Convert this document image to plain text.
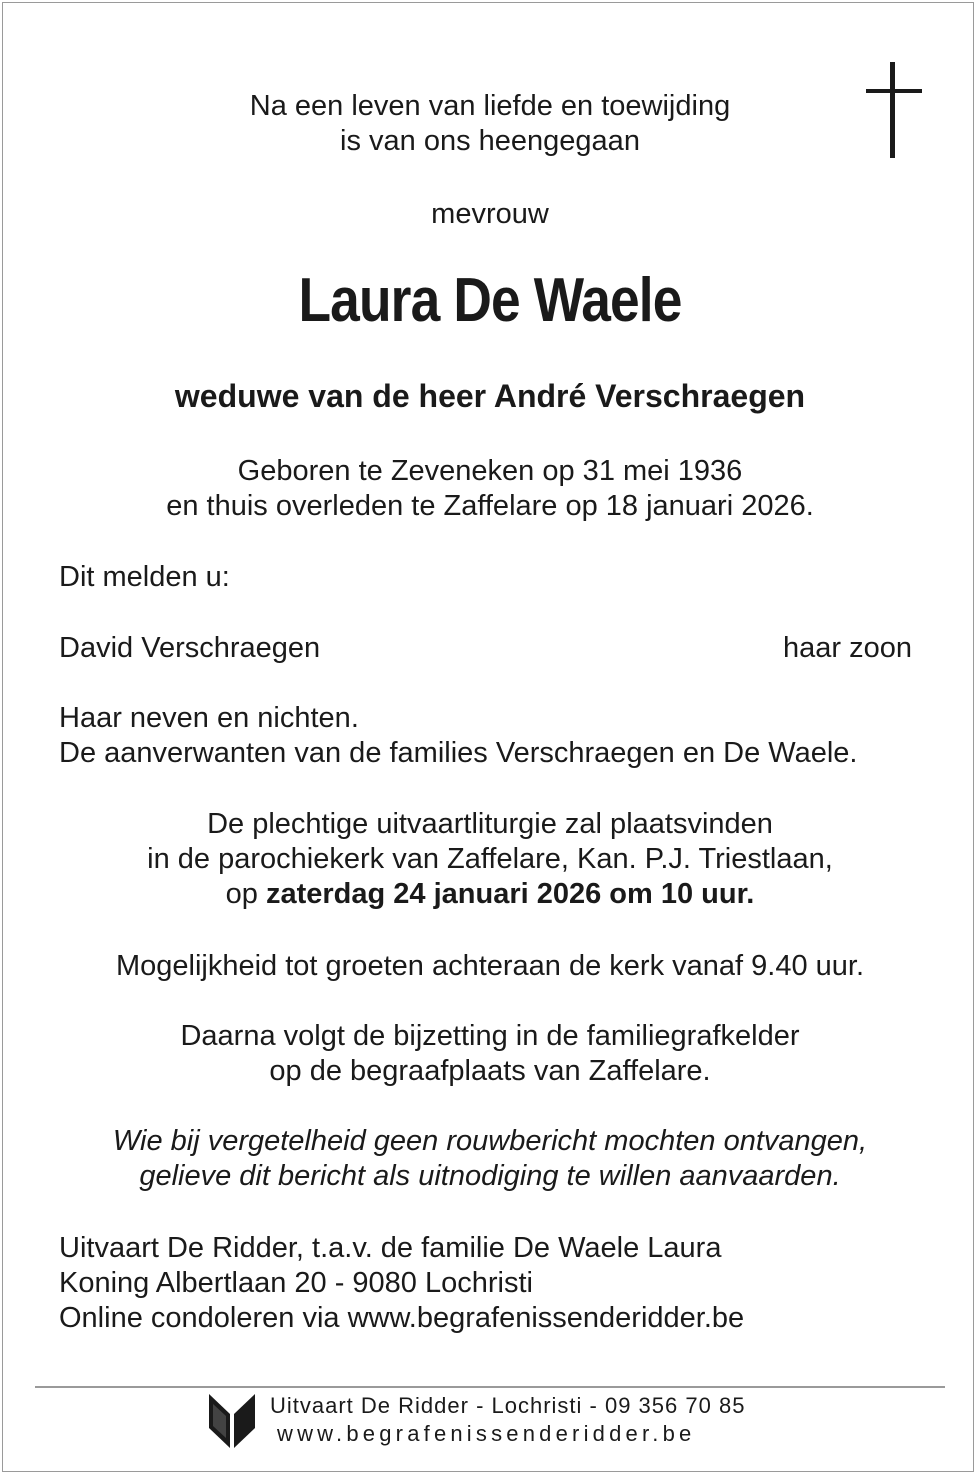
Na een leven van liefde en toewijding
is van ons heengegaan
mevrouw
Laura De Waele
weduwe van de heer André Verschraegen
Geboren te Zeveneken op 31 mei 1936
en thuis overleden te Zaffelare op 18 januari 2026.
Dit melden u:
David Verschraegen	haar zoon
Haar neven en nichten.
De aanverwanten van de families Verschraegen en De Waele.
De plechtige uitvaartliturgie zal plaatsvinden
in de parochiekerk van Zaffelare, Kan. P.J. Triestlaan,
op zaterdag 24 januari 2026 om 10 uur.
Mogelijkheid tot groeten achteraan de kerk vanaf 9.40 uur.
Daarna volgt de bijzetting in de familiegrafkelder
op de begraafplaats van Zaffelare.
Wie bij vergetelheid geen rouwbericht mochten ontvangen,
gelieve dit bericht als uitnodiging te willen aanvaarden.
Uitvaart De Ridder, t.a.v. de familie De Waele Laura
Koning Albertlaan 20 - 9080 Lochristi
Online condoleren via www.begrafenissenderidder.be
Uitvaart De Ridder - Lochristi - 09 356 70 85
www.begrafenissenderidder.be
